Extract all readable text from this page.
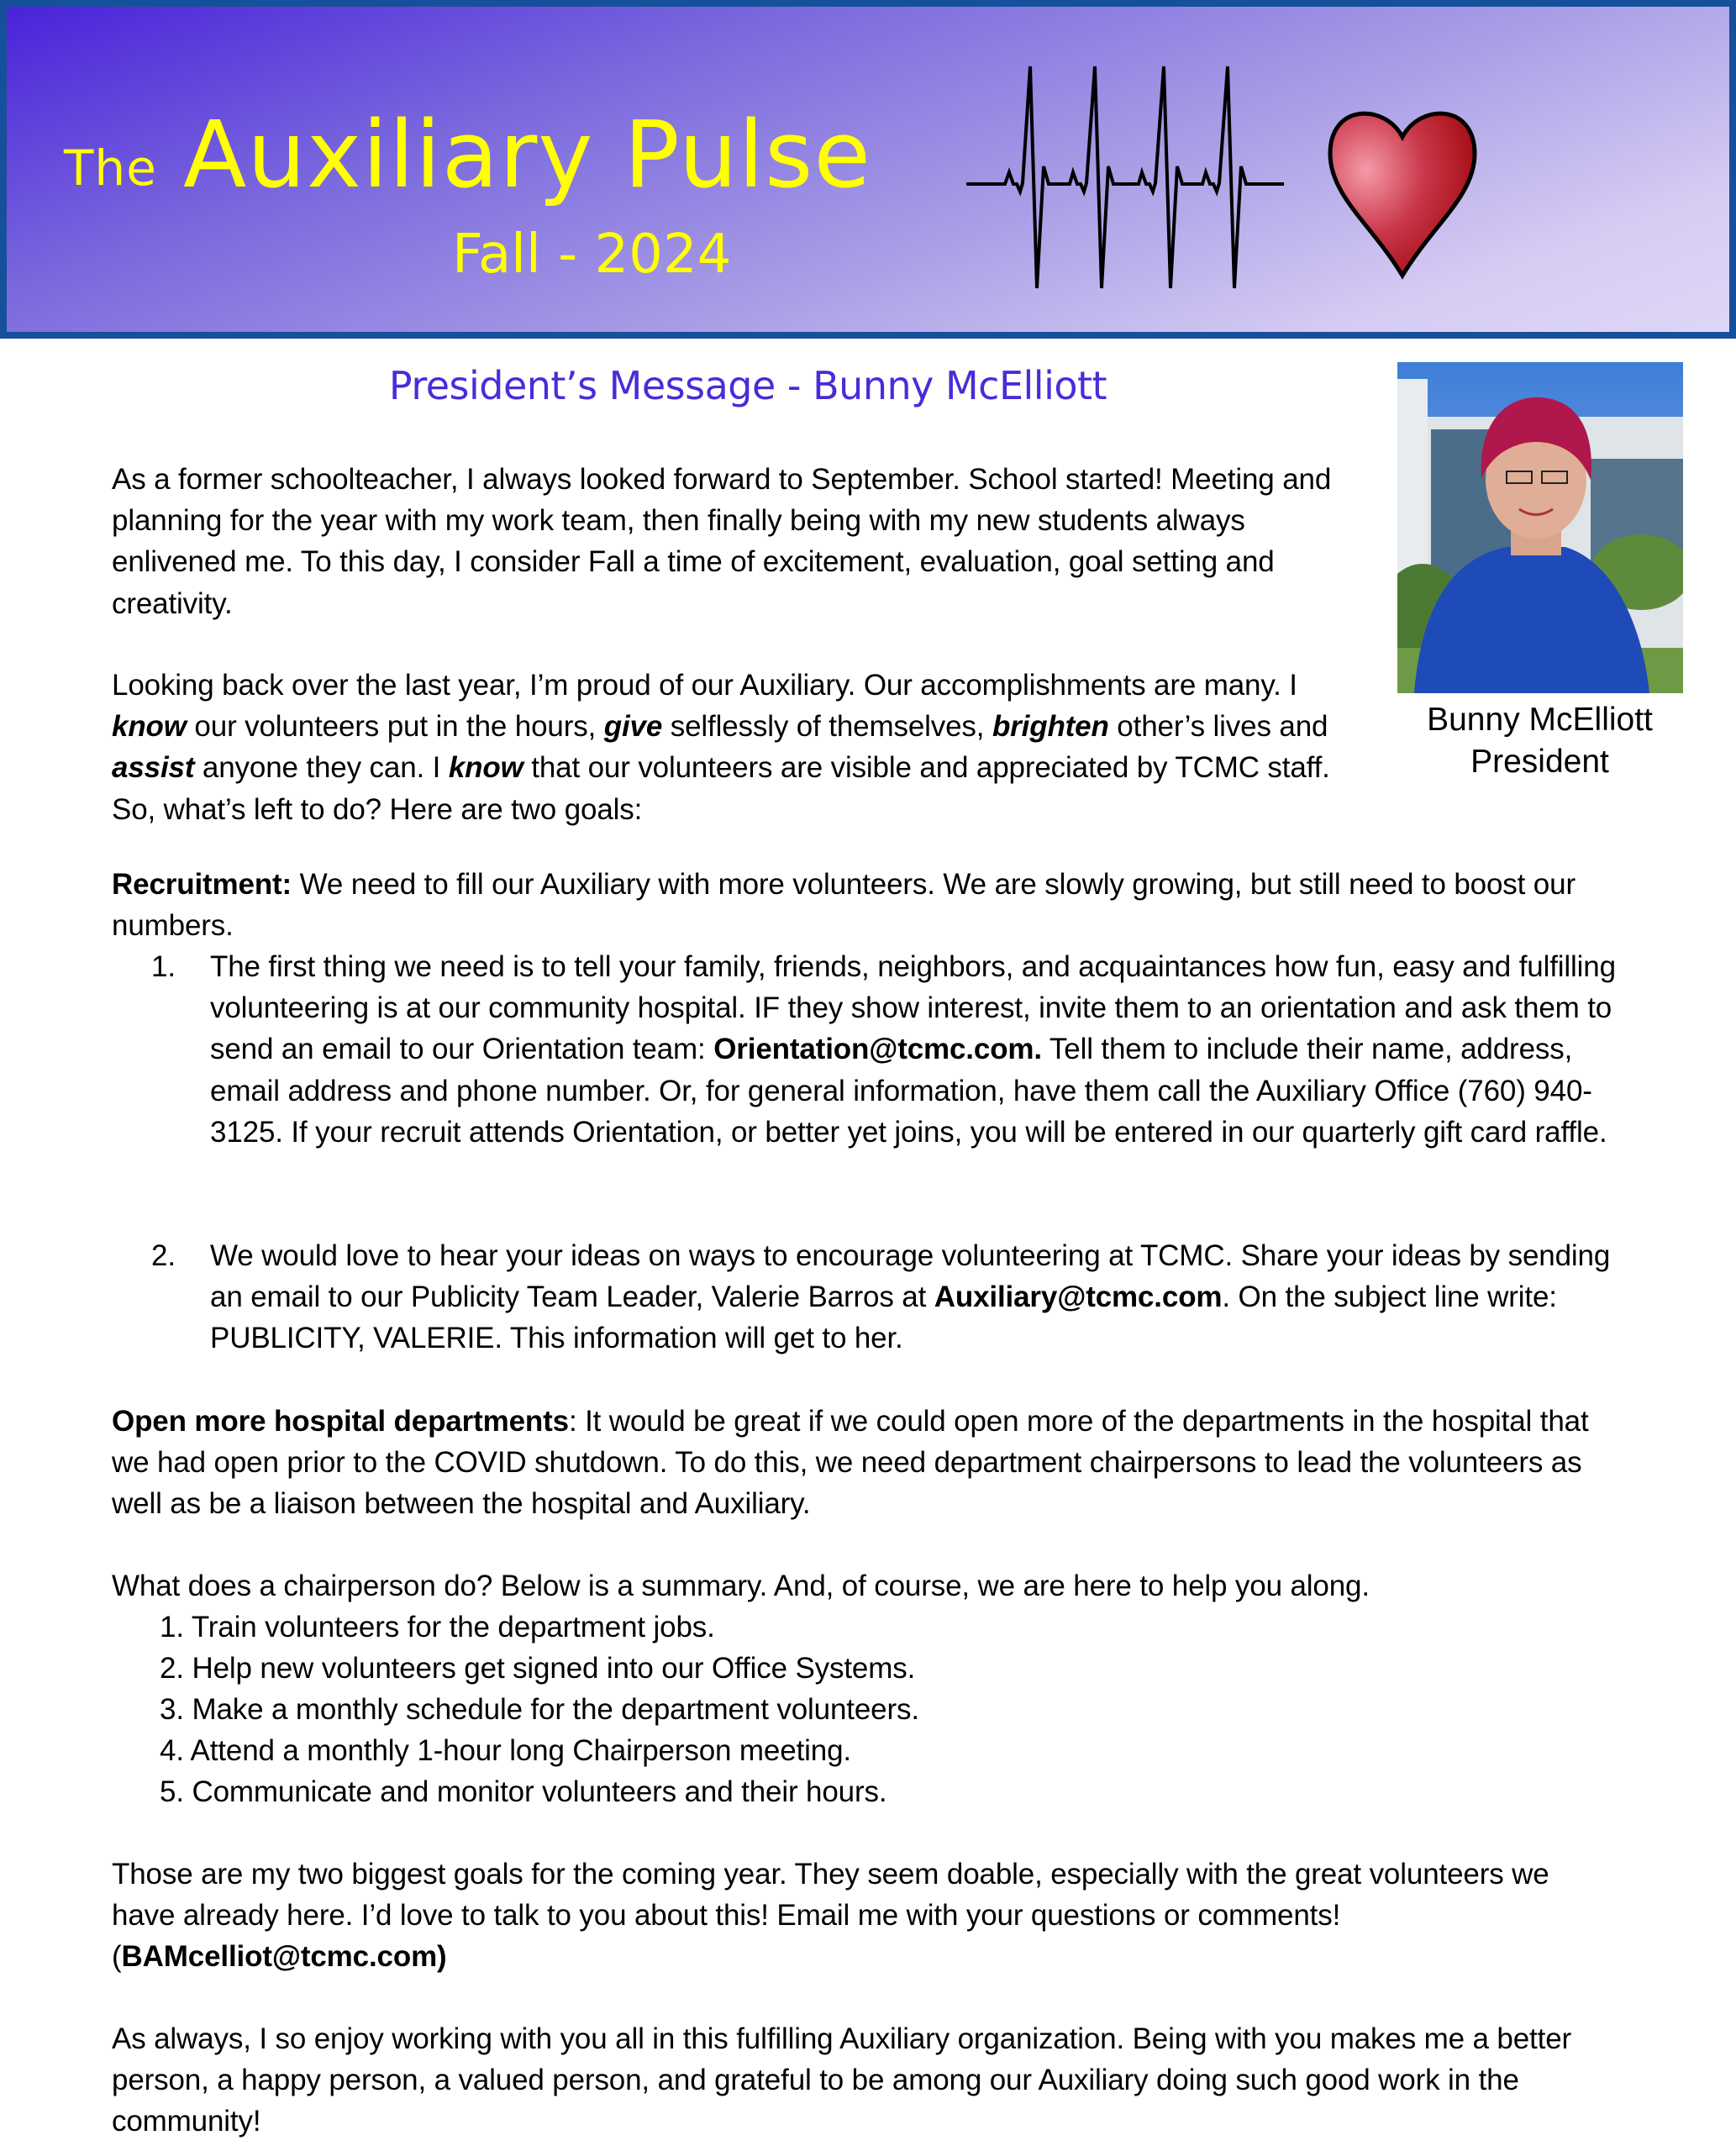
The Auxiliary Pulse
Fall - 2024
President’s Message - Bunny McElliott
Bunny McElliott
President
As a former schoolteacher, I always looked forward to September. School started! Meeting and planning for the year with my work team, then finally being with my new students always enlivened me. To this day, I consider Fall a time of excitement, evaluation, goal setting and creativity.
Looking back over the last year, I’m proud of our Auxiliary. Our accomplishments are many. I know our volunteers put in the hours, give selflessly of themselves, brighten other’s lives and assist anyone they can. I know that our volunteers are visible and appreciated by TCMC staff. So, what’s left to do? Here are two goals:
Recruitment: We need to fill our Auxiliary with more volunteers. We are slowly growing, but still need to boost our numbers.
1. The first thing we need is to tell your family, friends, neighbors, and acquaintances how fun, easy and fulfilling volunteering is at our community hospital. IF they show interest, invite them to an orientation and ask them to send an email to our Orientation team: Orientation@tcmc.com. Tell them to include their name, address, email address and phone number. Or, for general information, have them call the Auxiliary Office (760) 940-3125. If your recruit attends Orientation, or better yet joins, you will be entered in our quarterly gift card raffle.
2. We would love to hear your ideas on ways to encourage volunteering at TCMC. Share your ideas by sending an email to our Publicity Team Leader, Valerie Barros at Auxiliary@tcmc.com. On the subject line write: PUBLICITY, VALERIE. This information will get to her.
Open more hospital departments: It would be great if we could open more of the departments in the hospital that we had open prior to the COVID shutdown. To do this, we need department chairpersons to lead the volunteers as well as be a liaison between the hospital and Auxiliary.
What does a chairperson do? Below is a summary. And, of course, we are here to help you along.
1. Train volunteers for the department jobs.
2. Help new volunteers get signed into our Office Systems.
3. Make a monthly schedule for the department volunteers.
4. Attend a monthly 1-hour long Chairperson meeting.
5. Communicate and monitor volunteers and their hours.
Those are my two biggest goals for the coming year. They seem doable, especially with the great volunteers we have already here. I’d love to talk to you about this! Email me with your questions or comments! (BAMcelliot@tcmc.com)
As always, I so enjoy working with you all in this fulfilling Auxiliary organization. Being with you makes me a better person, a happy person, a valued person, and grateful to be among our Auxiliary doing such good work in the community!
